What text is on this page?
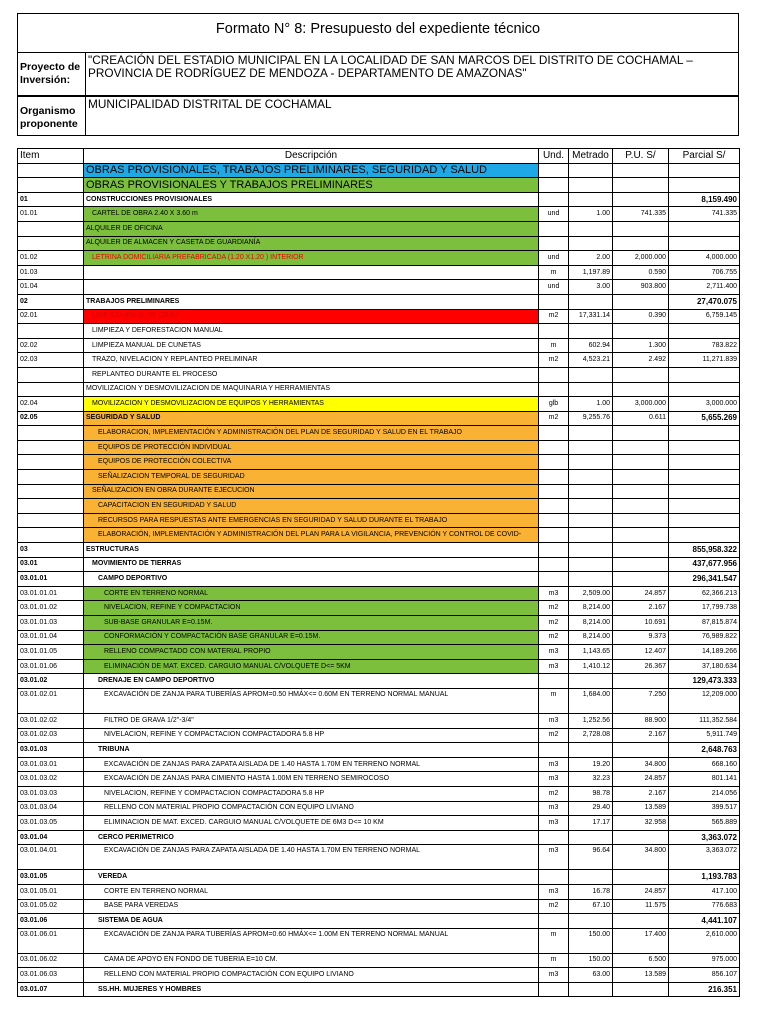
Formato N° 8: Presupuesto del expediente técnico
Proyecto de Inversión:
"CREACIÓN DEL ESTADIO MUNICIPAL EN LA LOCALIDAD DE SAN MARCOS DEL DISTRITO DE COCHAMAL – PROVINCIA DE RODRÍGUEZ DE MENDOZA - DEPARTAMENTO DE AMAZONAS"
Organismo proponente
MUNICIPALIDAD DISTRITAL DE COCHAMAL
Item	Descripción	Und.	Metrado	P.U. S/	Parcial S/
	OBRAS PROVISIONALES, TRABAJOS PRELIMINARES, SEGURIDAD Y SALUD				
	OBRAS PROVISIONALES Y TRABAJOS PRELIMINARES				
01	CONSTRUCCIONES PROVISIONALES				8,159.490
01.01	CARTEL DE OBRA 2.40 X 3.60 m	und	1.00	741.335	741.335
	ALQUILER DE OFICINA				
	ALQUILER DE ALMACEN Y CASETA DE GUARDIANÍA				
01.02	LETRINA DOMICILIARIA PREFABRICADA (1.20 X1.20 ) INTERIOR	und	2.00	2,000.000	4,000.000
01.03		m	1,197.89	0.590	706.755
01.04		und	3.00	903.800	2,711.400
02	TRABAJOS PRELIMINARES				27,470.075
02.01	LIMPIEZA FINAL DE OBRA	m2	17,331.14	0.390	6,759.145
	LIMPIEZA Y DEFORESTACION MANUAL				
02.02	LIMPIEZA MANUAL DE CUNETAS	m	602.94	1.300	783.822
02.03	TRAZO, NIVELACION Y REPLANTEO PRELIMINAR	m2	4,523.21	2.492	11,271.839
	REPLANTEO DURANTE EL PROCESO				
	MOVILIZACION Y DESMOVILIZACION DE MAQUINARIA Y HERRAMIENTAS				
02.04	MOVILIZACION Y DESMOVILIZACION DE EQUIPOS Y HERRAMIENTAS	glb	1.00	3,000.000	3,000.000
02.05	SEGURIDAD Y SALUD	m2	9,255.76	0.611	5,655.269
	ELABORACION, IMPLEMENTACIÓN Y ADMINISTRACIÓN DEL PLAN DE SEGURIDAD Y SALUD EN EL TRABAJO				
	EQUIPOS DE PROTECCIÓN INDIVIDUAL				
	EQUIPOS DE PROTECCIÓN COLECTIVA				
	SEÑALIZACION TEMPORAL DE SEGURIDAD				
	SEÑALIZACION EN OBRA DURANTE EJECUCION				
	CAPACITACION EN SEGURIDAD Y SALUD				
	RECURSOS PARA RESPUESTAS ANTE EMERGENCIAS EN SEGURIDAD Y SALUD DURANTE EL TRABAJO				
	ELABORACIÓN, IMPLEMENTACIÓN Y ADMINISTRACIÓN DEL PLAN PARA LA VIGILANCIA, PREVENCIÓN Y CONTROL DE COVID-				
03	ESTRUCTURAS				855,958.322
03.01	MOVIMIENTO DE TIERRAS				437,677.956
03.01.01	CAMPO DEPORTIVO				296,341.547
03.01.01.01	CORTE EN TERRENO NORMAL	m3	2,509.00	24.857	62,366.213
03.01.01.02	NIVELACION, REFINE Y COMPACTACION	m2	8,214.00	2.167	17,799.738
03.01.01.03	SUB-BASE GRANULAR E=0.15M.	m2	8,214.00	10.691	87,815.874
03.01.01.04	CONFORMACIÓN Y COMPACTACIÓN BASE GRANULAR E=0.15M.	m2	8,214.00	9.373	76,989.822
03.01.01.05	RELLENO COMPACTADO CON MATERIAL PROPIO	m3	1,143.65	12.407	14,189.266
03.01.01.06	ELIMINACIÓN DE MAT. EXCED. CARGUIO MANUAL C/VOLQUETE D<= 5KM	m3	1,410.12	26.367	37,180.634
03.01.02	DRENAJE EN CAMPO DEPORTIVO				129,473.333
03.01.02.01	EXCAVACIÓN DE ZANJA PARA TUBERÍAS APROM=0.50 HMÁX<= 0.60M EN TERRENO NORMAL MANUAL	m	1,684.00	7.250	12,209.000
03.01.02.02	FILTRO DE GRAVA 1/2"-3/4"	m3	1,252.56	88.900	111,352.584
03.01.02.03	NIVELACION, REFINE Y COMPACTACION COMPACTADORA 5.8 HP	m2	2,728.08	2.167	5,911.749
03.01.03	TRIBUNA				2,648.763
03.01.03.01	EXCAVACIÓN DE ZANJAS PARA ZAPATA AISLADA DE 1.40 HASTA 1.70M EN TERRENO NORMAL	m3	19.20	34.800	668.160
03.01.03.02	EXCAVACIÓN DE ZANJAS PARA CIMIENTO HASTA 1.00M EN TERRENO SEMIROCOSO	m3	32.23	24.857	801.141
03.01.03.03	NIVELACION, REFINE Y COMPACTACION COMPACTADORA 5.8 HP	m2	98.78	2.167	214.056
03.01.03.04	RELLENO CON MATERIAL PROPIO COMPACTACIÓN CON EQUIPO LIVIANO	m3	29.40	13.589	399.517
03.01.03.05	ELIMINACION DE MAT. EXCED. CARGUIO MANUAL C/VOLQUETE DE 6M3 D<= 10 KM	m3	17.17	32.958	565.889
03.01.04	CERCO PERIMETRICO				3,363.072
03.01.04.01	EXCAVACIÓN DE ZANJAS PARA ZAPATA AISLADA DE 1.40 HASTA 1.70M EN TERRENO NORMAL	m3	96.64	34.800	3,363.072
03.01.05	VEREDA				1,193.783
03.01.05.01	CORTE EN TERRENO NORMAL	m3	16.78	24.857	417.100
03.01.05.02	BASE PARA VEREDAS	m2	67.10	11.575	776.683
03.01.06	SISTEMA DE AGUA				4,441.107
03.01.06.01	EXCAVACIÓN DE ZANJA PARA TUBERÍAS APROM=0.60 HMÁX<= 1.00M EN TERRENO NORMAL MANUAL	m	150.00	17.400	2,610.000
03.01.06.02	CAMA DE APOYO EN FONDO DE TUBERIA E=10 CM.	m	150.00	6.500	975.000
03.01.06.03	RELLENO CON MATERIAL PROPIO COMPACTACIÓN CON EQUIPO LIVIANO	m3	63.00	13.589	856.107
03.01.07	SS.HH. MUJERES Y HOMBRES				216.351
